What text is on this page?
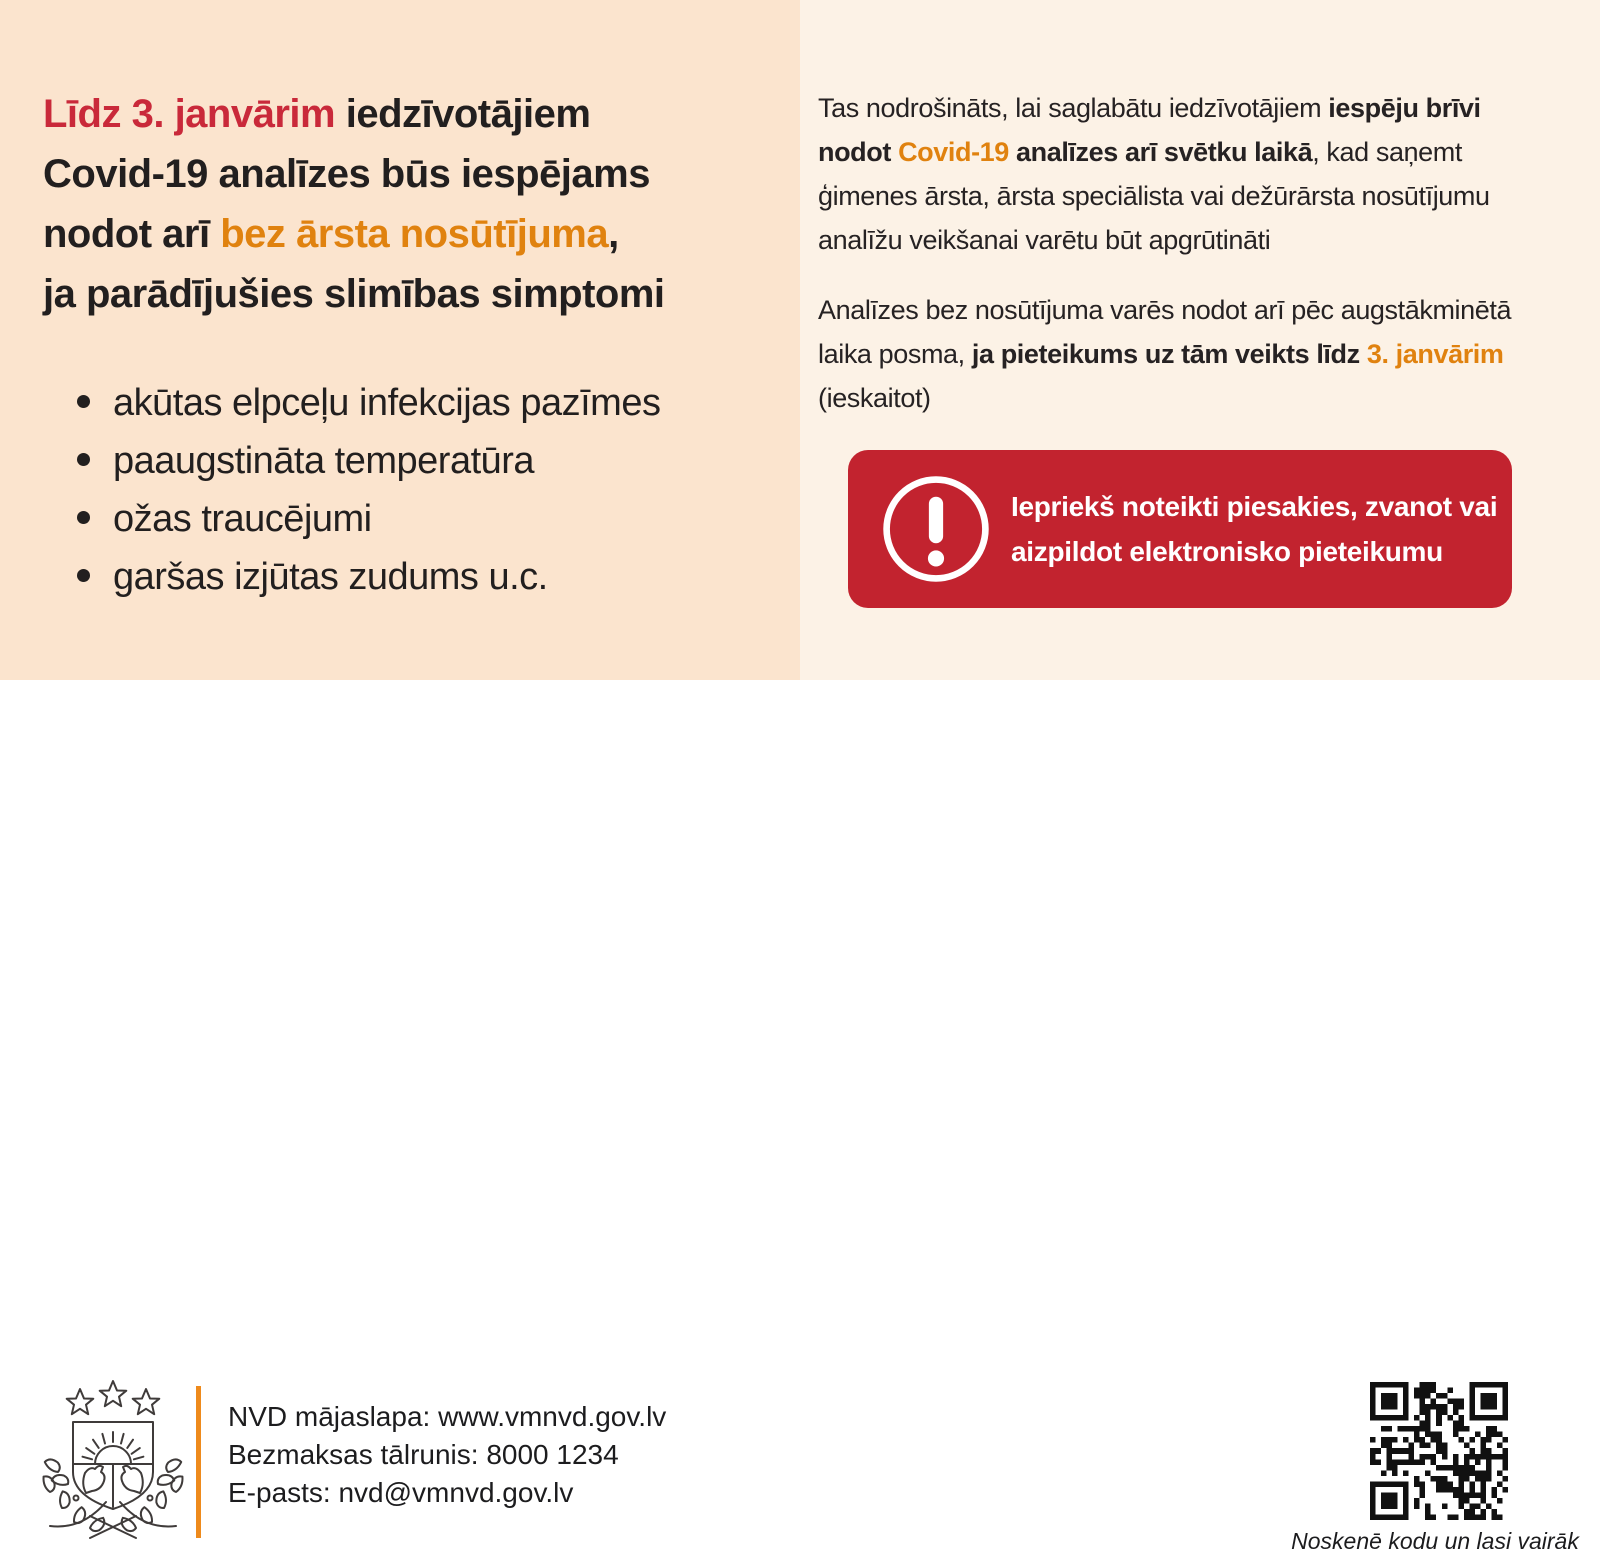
Līdz 3. janvārim iedzīvotājiem
Covid-19 analīzes būs iespējams
nodot arī bez ārsta nosūtījuma,
ja parādījušies slimības simptomi
akūtas elpceļu infekcijas pazīmes
paaugstināta temperatūra
ožas traucējumi
garšas izjūtas zudums u.c.

Tas nodrošināts, lai saglabātu iedzīvotājiem iespēju brīvi nodot Covid-19 analīzes arī svētku laikā, kad saņemt ģimenes ārsta, ārsta speciālista vai dežūrārsta nosūtījumu analīžu veikšanai varētu būt apgrūtināti

Analīzes bez nosūtījuma varēs nodot arī pēc augstākminētā laika posma, ja pieteikums uz tām veikts līdz 3. janvārim (ieskaitot)

Iepriekš noteikti piesakies, zvanot vai aizpildot elektronisko pieteikumu

NVD mājaslapa: www.vmnvd.gov.lv
Bezmaksas tālrunis: 8000 1234
E-pasts: nvd@vmnvd.gov.lv
Noskenē kodu un lasi vairāk
